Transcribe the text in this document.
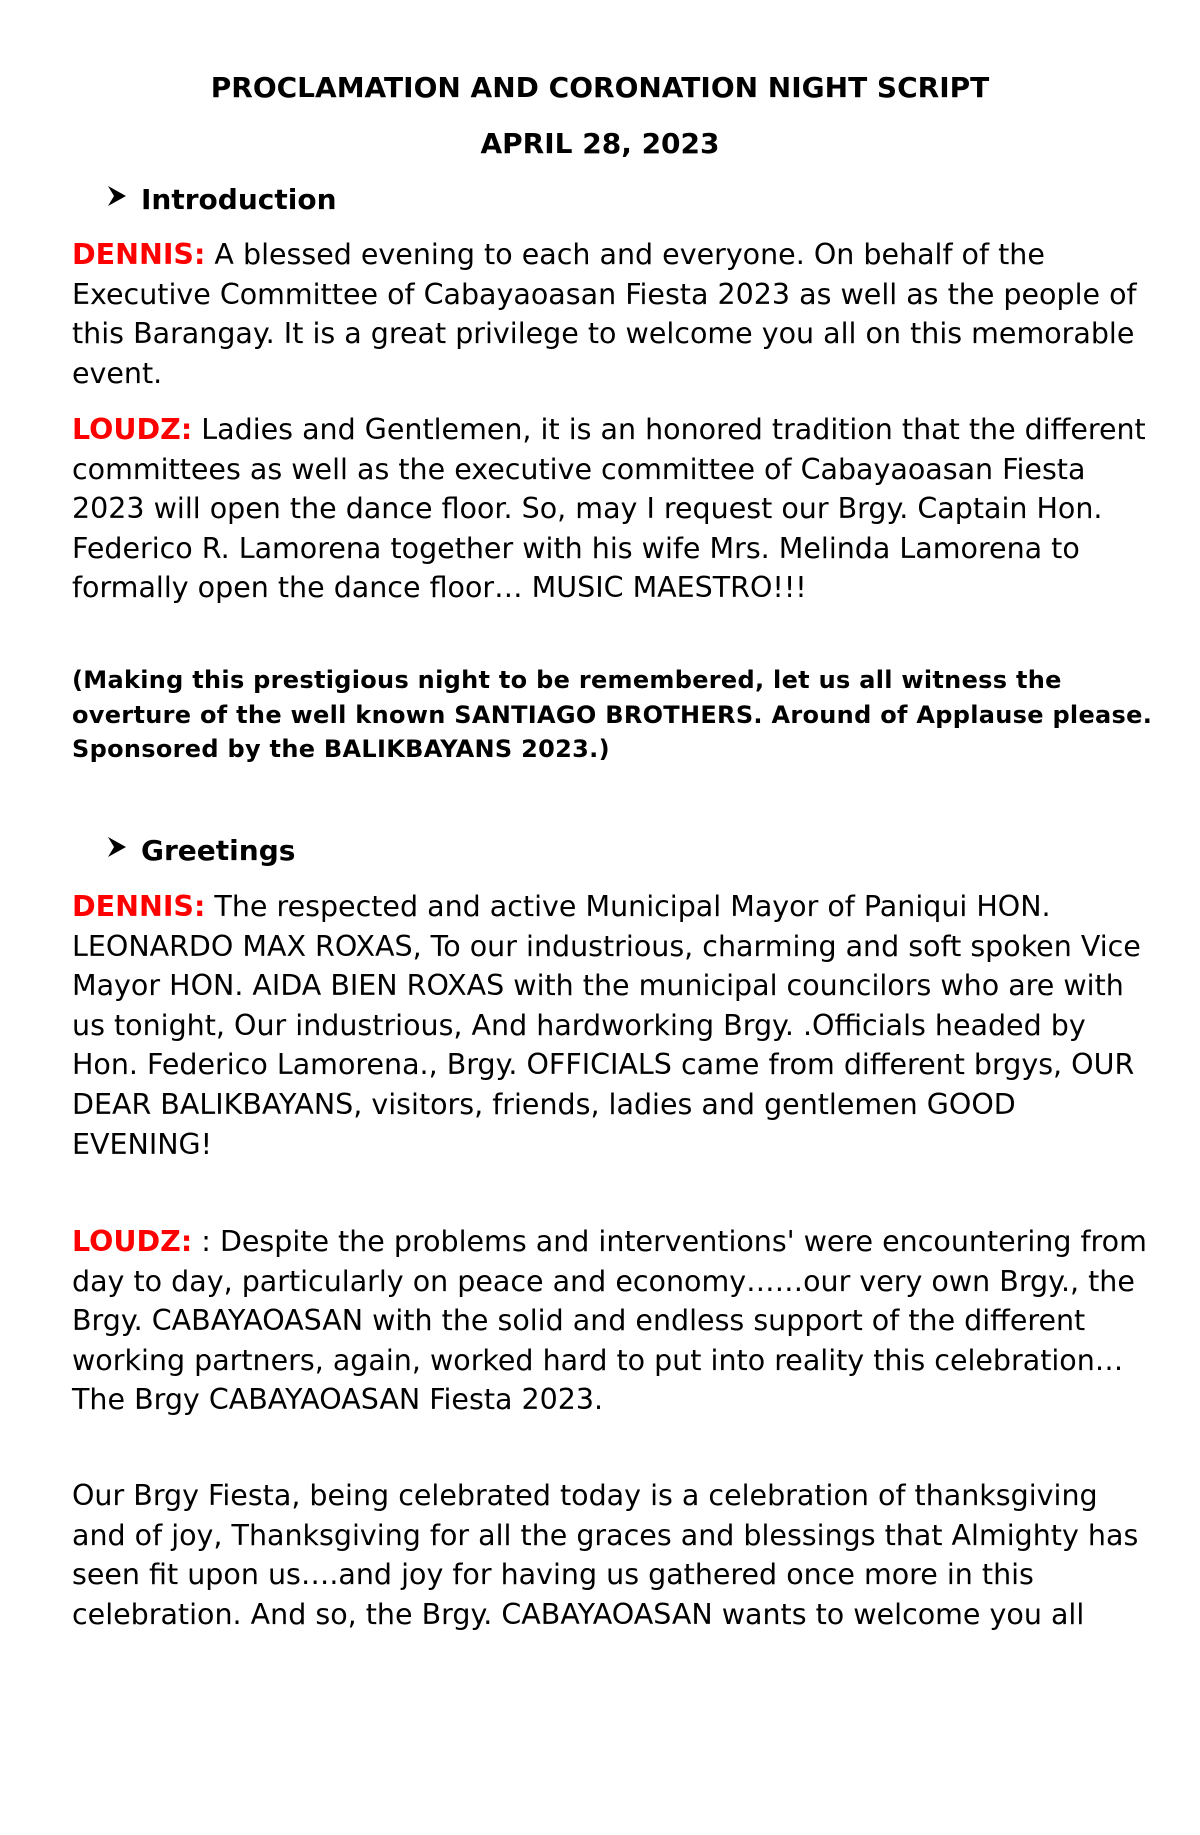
PROCLAMATION AND CORONATION NIGHT SCRIPT
APRIL 28, 2023
Introduction
DENNIS: A blessed evening to each and everyone. On behalf of the Executive Committee of Cabayaoasan Fiesta 2023 as well as the people of this Barangay. It is a great privilege to welcome you all on this memorable event.
LOUDZ: Ladies and Gentlemen, it is an honored tradition that the different committees as well as the executive committee of Cabayaoasan Fiesta 2023 will open the dance floor. So, may I request our Brgy. Captain Hon. Federico R. Lamorena together with his wife Mrs. Melinda Lamorena to formally open the dance floor… MUSIC MAESTRO!!!
(Making this prestigious night to be remembered, let us all witness the overture of the well known SANTIAGO BROTHERS. Around of Applause please. Sponsored by the BALIKBAYANS 2023.)
Greetings
DENNIS: The respected and active Municipal Mayor of Paniqui HON. LEONARDO MAX ROXAS, To our industrious, charming and soft spoken Vice Mayor HON. AIDA BIEN ROXAS with the municipal councilors who are with us tonight, Our industrious, And hardworking Brgy. .Officials headed by Hon. Federico Lamorena., Brgy. OFFICIALS came from different brgys, OUR DEAR BALIKBAYANS, visitors, friends, ladies and gentlemen GOOD EVENING!
LOUDZ: : Despite the problems and interventions' were encountering from day to day, particularly on peace and economy……our very own Brgy., the Brgy. CABAYAOASAN with the solid and endless support of the different working partners, again, worked hard to put into reality this celebration…The Brgy CABAYAOASAN Fiesta 2023.
Our Brgy Fiesta, being celebrated today is a celebration of thanksgiving and of joy, Thanksgiving for all the graces and blessings that Almighty has seen fit upon us….and joy for having us gathered once more in this celebration. And so, the Brgy. CABAYAOASAN wants to welcome you all
